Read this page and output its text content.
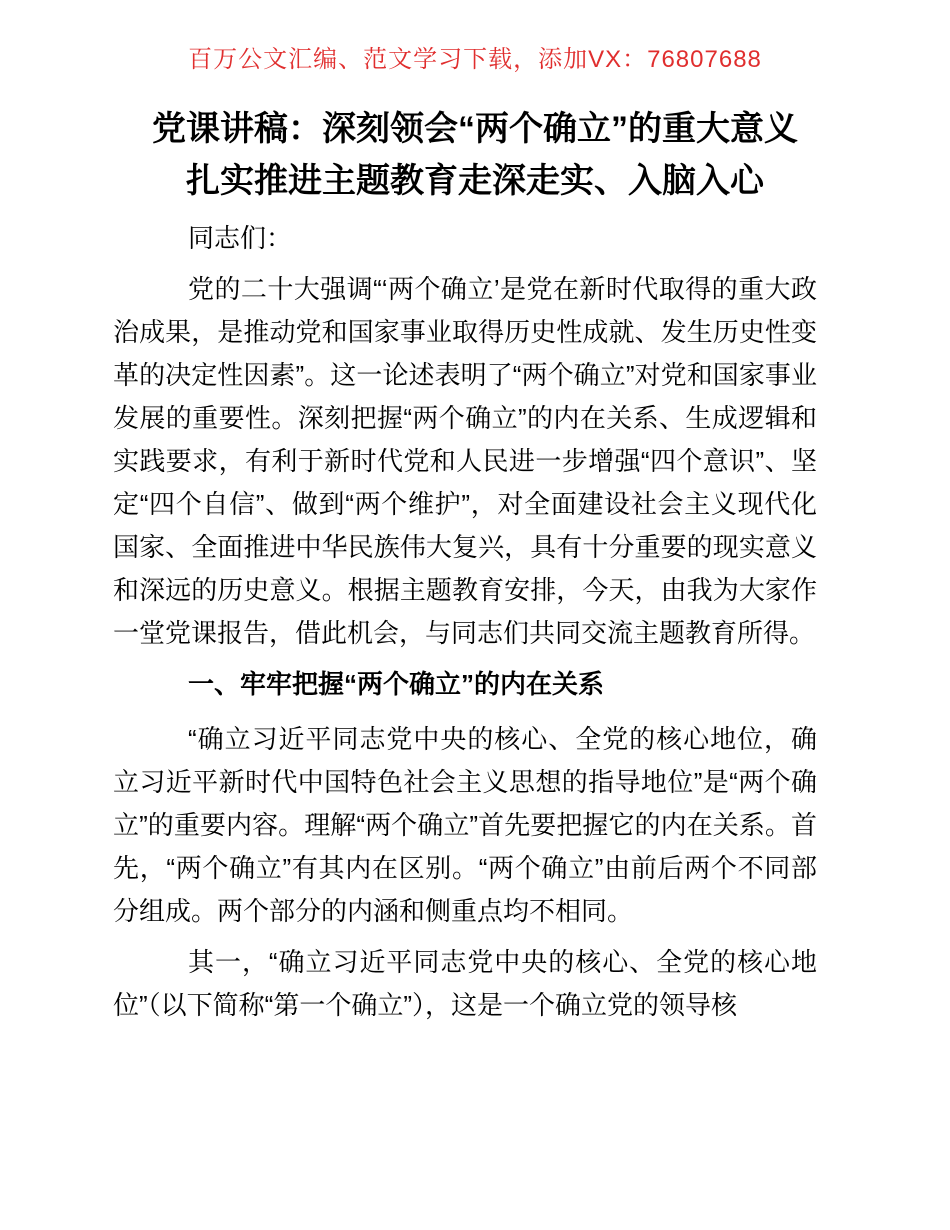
百万公文汇编、范文学习下载，添加VX：76807688
党课讲稿：深刻领会“两个确立”的重大意义
扎实推进主题教育走深走实、入脑入心

同志们：

党的二十大强调“‘两个确立’是党在新时代取得的重大政治成果，是推动党和国家事业取得历史性成就、发生历史性变革的决定性因素”。这一论述表明了“两个确立”对党和国家事业发展的重要性。深刻把握“两个确立”的内在关系、生成逻辑和实践要求，有利于新时代党和人民进一步增强“四个意识”、坚定“四个自信”、做到“两个维护”，对全面建设社会主义现代化国家、全面推进中华民族伟大复兴，具有十分重要的现实意义和深远的历史意义。根据主题教育安排，今天，由我为大家作一堂党课报告，借此机会，与同志们共同交流主题教育所得。

一、牢牢把握“两个确立”的内在关系

“确立习近平同志党中央的核心、全党的核心地位，确立习近平新时代中国特色社会主义思想的指导地位”是“两个确立”的重要内容。理解“两个确立”首先要把握它的内在关系。首先，“两个确立”有其内在区别。“两个确立”由前后两个不同部分组成。两个部分的内涵和侧重点均不相同。

其一，“确立习近平同志党中央的核心、全党的核心地位”（以下简称“第一个确立”），这是一个确立党的领导核
